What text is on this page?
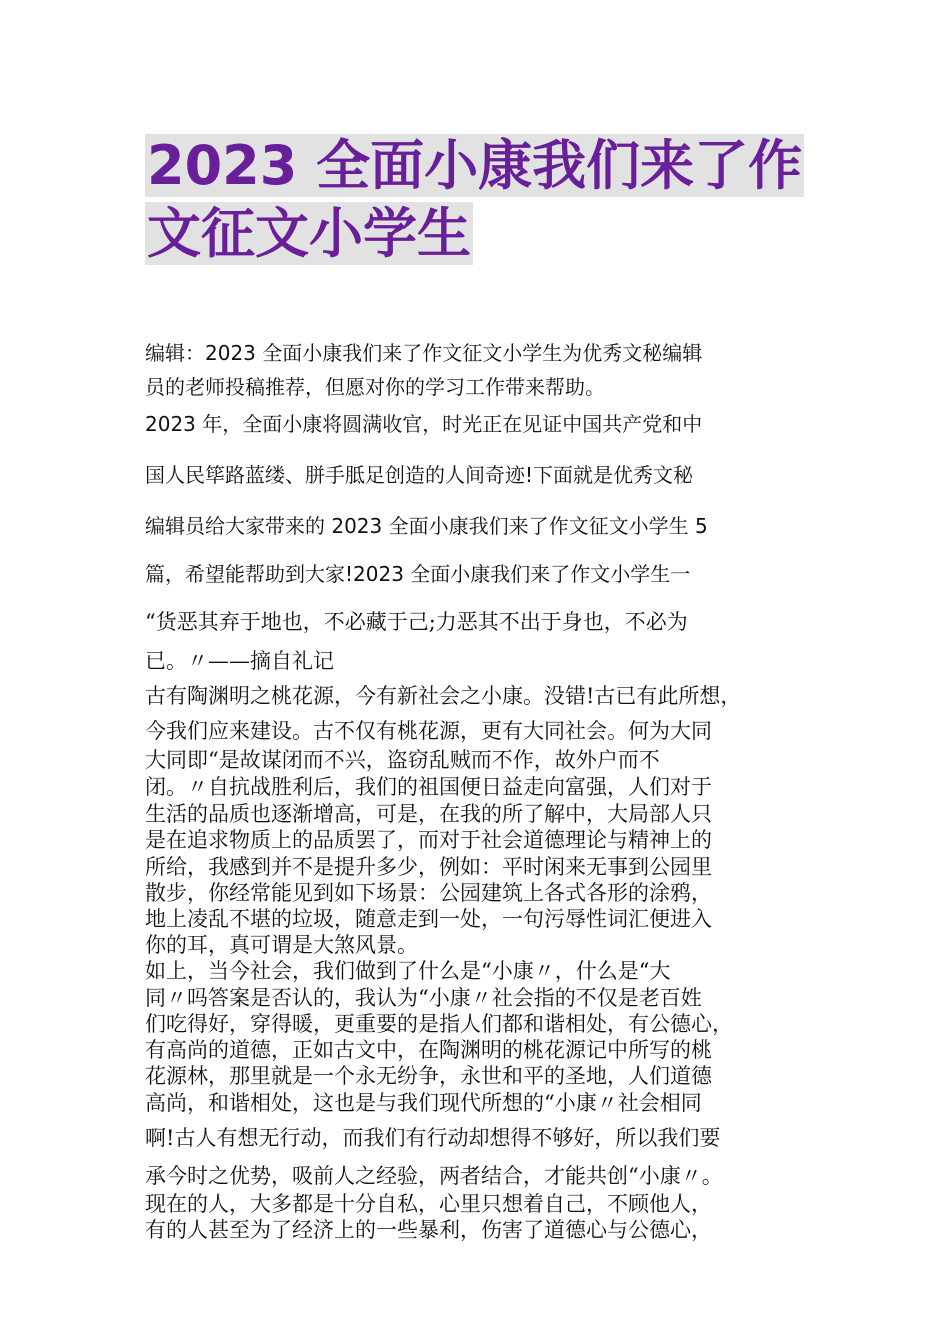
2023 全面小康我们来了作
文征文小学生
编辑：2023 全面小康我们来了作文征文小学生为优秀文秘编辑
员的老师投稿推荐，但愿对你的学习工作带来帮助。
2023 年，全面小康将圆满收官，时光正在见证中国共产党和中
国人民筚路蓝缕、胼手胝足创造的人间奇迹!下面就是优秀文秘
编辑员给大家带来的 2023 全面小康我们来了作文征文小学生 5
篇，希望能帮助到大家!2023 全面小康我们来了作文小学生一
“货恶其弃于地也，不必藏于己;力恶其不出于身也，不必为
已。〃——摘自礼记
古有陶渊明之桃花源，今有新社会之小康。没错!古已有此所想，
今我们应来建设。古不仅有桃花源，更有大同社会。何为大同
大同即“是故谋闭而不兴，盗窃乱贼而不作，故外户而不
闭。〃自抗战胜利后，我们的祖国便日益走向富强，人们对于
生活的品质也逐渐增高，可是，在我的所了解中，大局部人只
是在追求物质上的品质罢了，而对于社会道德理论与精神上的
所给，我感到并不是提升多少，例如：平时闲来无事到公园里
散步，你经常能见到如下场景：公园建筑上各式各形的涂鸦，
地上凌乱不堪的垃圾，随意走到一处，一句污辱性词汇便进入
你的耳，真可谓是大煞风景。
如上，当今社会，我们做到了什么是“小康〃，什么是“大
同〃吗答案是否认的，我认为“小康〃社会指的不仅是老百姓
们吃得好，穿得暖，更重要的是指人们都和谐相处，有公德心，
有高尚的道德，正如古文中，在陶渊明的桃花源记中所写的桃
花源林，那里就是一个永无纷争，永世和平的圣地，人们道德
高尚，和谐相处，这也是与我们现代所想的“小康〃社会相同
啊!古人有想无行动，而我们有行动却想得不够好，所以我们要
承今时之优势，吸前人之经验，两者结合，才能共创“小康〃。
现在的人，大多都是十分自私，心里只想着自己，不顾他人，
有的人甚至为了经济上的一些暴利，伤害了道德心与公德心，
